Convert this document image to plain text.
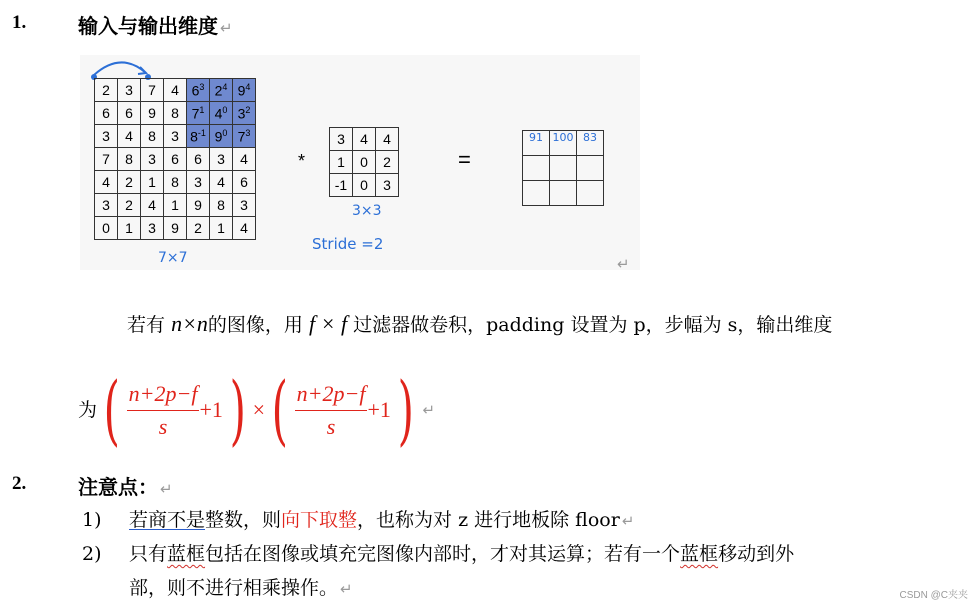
1.	输入与输出维度 ↵
2	3	7	4	$6^3$	$2^4$	$9^4$
6	6	9	8	$7^1$	$4^0$	$3^2$
3	4	8	3	$8^{-1}$	$9^0$	$7^3$
7	8	3	6	6	3	4
4	2	1	8	3	4	6
3	2	4	1	9	8	3
0	1	3	9	2	1	4
7×7
*
3	4	4
1	0	2
-1	0	3
3×3
Stride =2
=
91	100	83

↵
若有 n×n的图像，用 f × f 过滤器做卷积，padding 设置为 p，步幅为 s，输出维度
为 ( $\frac{n+2p-f}{s} +1$ ) × ( $\frac{n+2p-f}{s} +1$ ) ↵
2.	注意点： ↵
1) 若商不是整数，则向下取整，也称为对 z 进行地板除 floor ↵
2) 只有蓝框包括在图像或填充完图像内部时，才对其运算；若有一个蓝框移动到外
部，则不进行相乘操作。 ↵	CSDN @C夹夹
